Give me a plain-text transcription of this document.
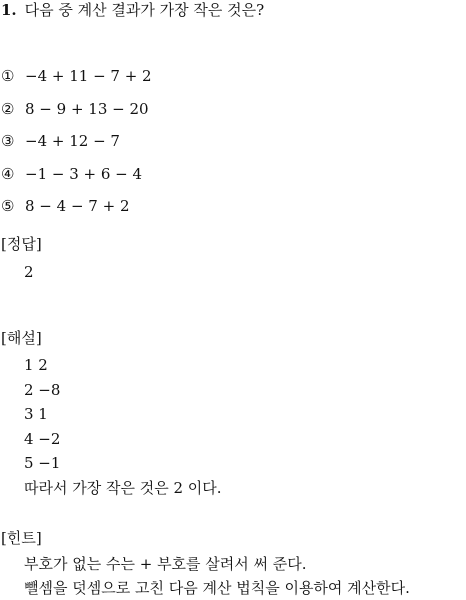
1. 다음 중 계산 결과가 가장 작은 것은?
① −4 + 11 − 7 + 2
② 8 − 9 + 13 − 20
③ −4 + 12 − 7
④ −1 − 3 + 6 − 4
⑤ 8 − 4 − 7 + 2
[정답]
2
[해설]
1 2
2 −8
3 1
4 −2
5 −1
따라서 가장 작은 것은 2 이다.
[힌트]
부호가 없는 수는 + 부호를 살려서 써 준다.
뺄셈을 덧셈으로 고친 다음 계산 법칙을 이용하여 계산한다.
